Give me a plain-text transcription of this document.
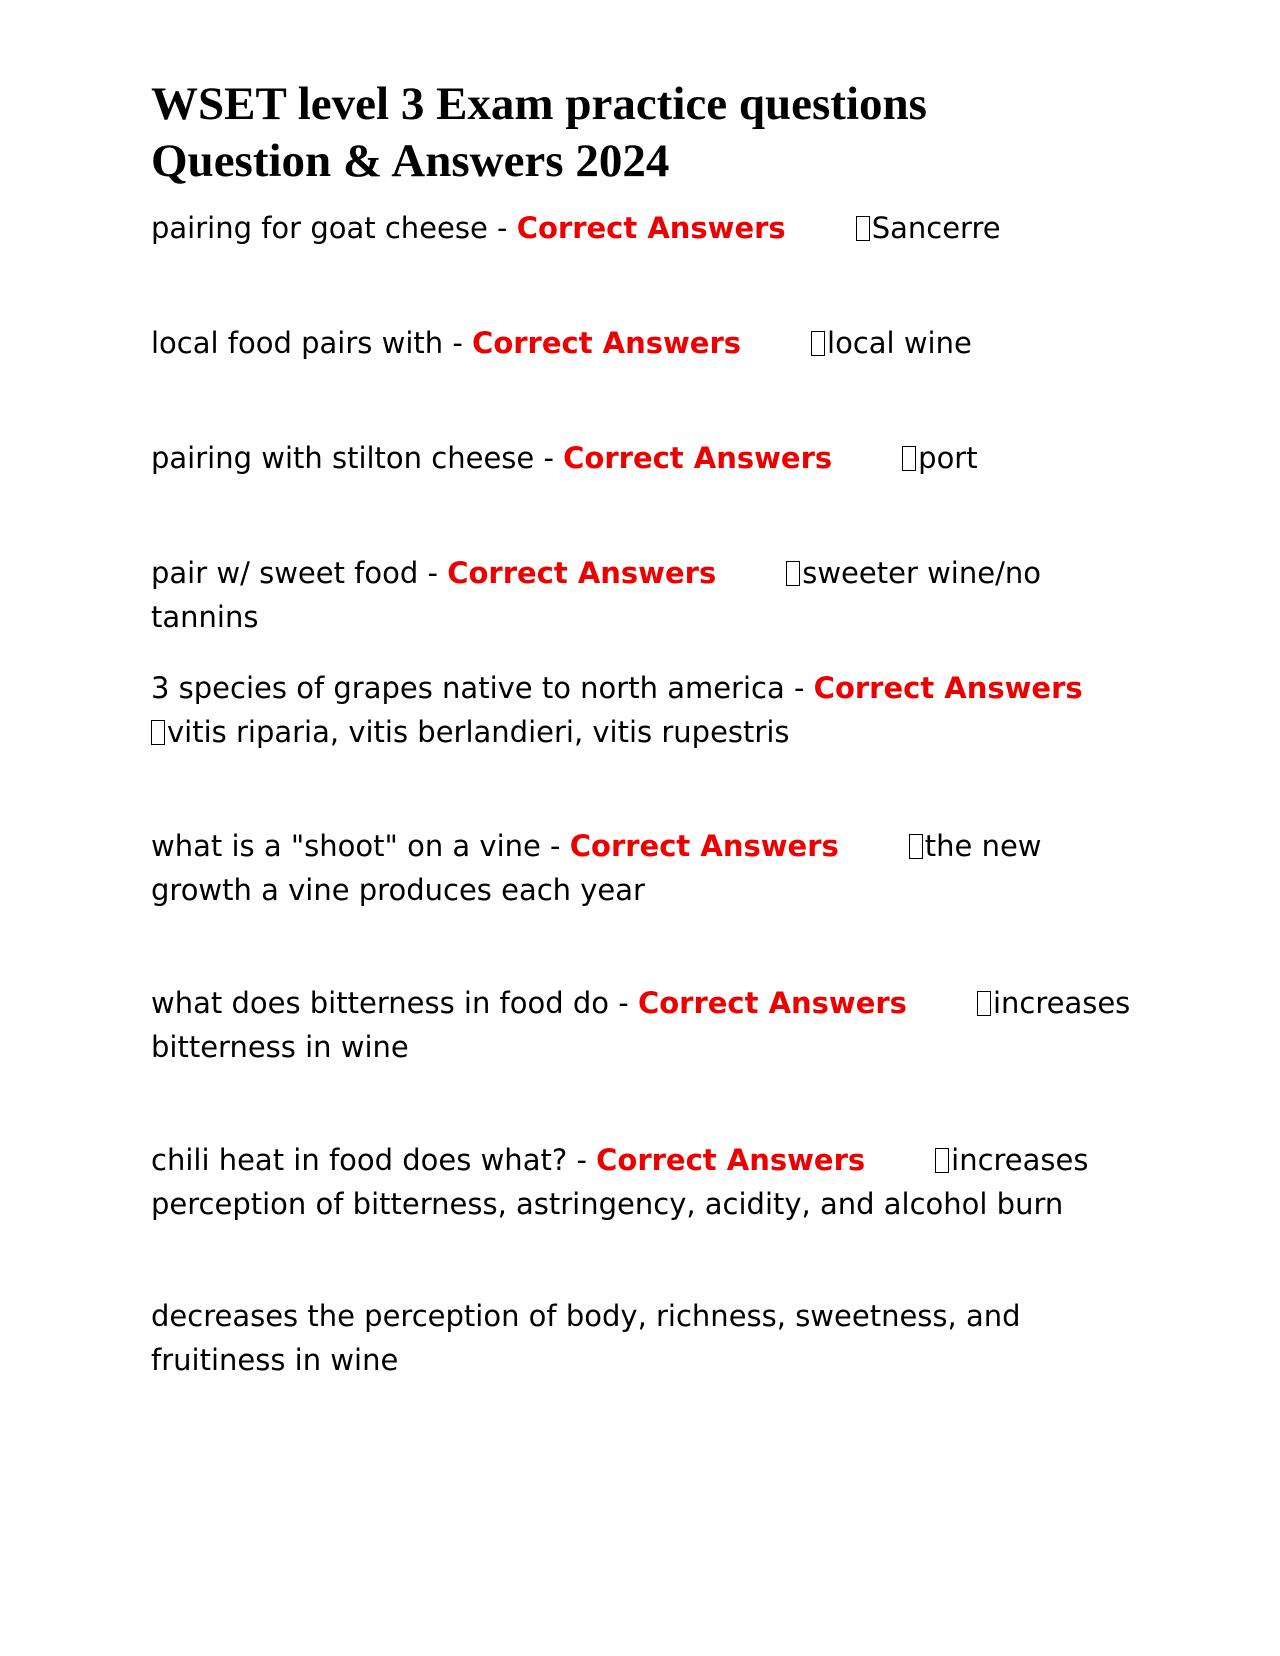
WSET level 3 Exam practice questions
Question & Answers 2024

pairing for goat cheese - Correct Answers	Sancerre

local food pairs with - Correct Answers	local wine

pairing with stilton cheese - Correct Answers	port

pair w/ sweet food - Correct Answers	sweeter wine/no tannins

3 species of grapes native to north america - Correct Answers
vitis riparia, vitis berlandieri, vitis rupestris

what is a "shoot" on a vine - Correct Answers	the new growth a vine produces each year

what does bitterness in food do - Correct Answers	increases bitterness in wine

chili heat in food does what? - Correct Answers	increases perception of bitterness, astringency, acidity, and alcohol burn

decreases the perception of body, richness, sweetness, and fruitiness in wine
